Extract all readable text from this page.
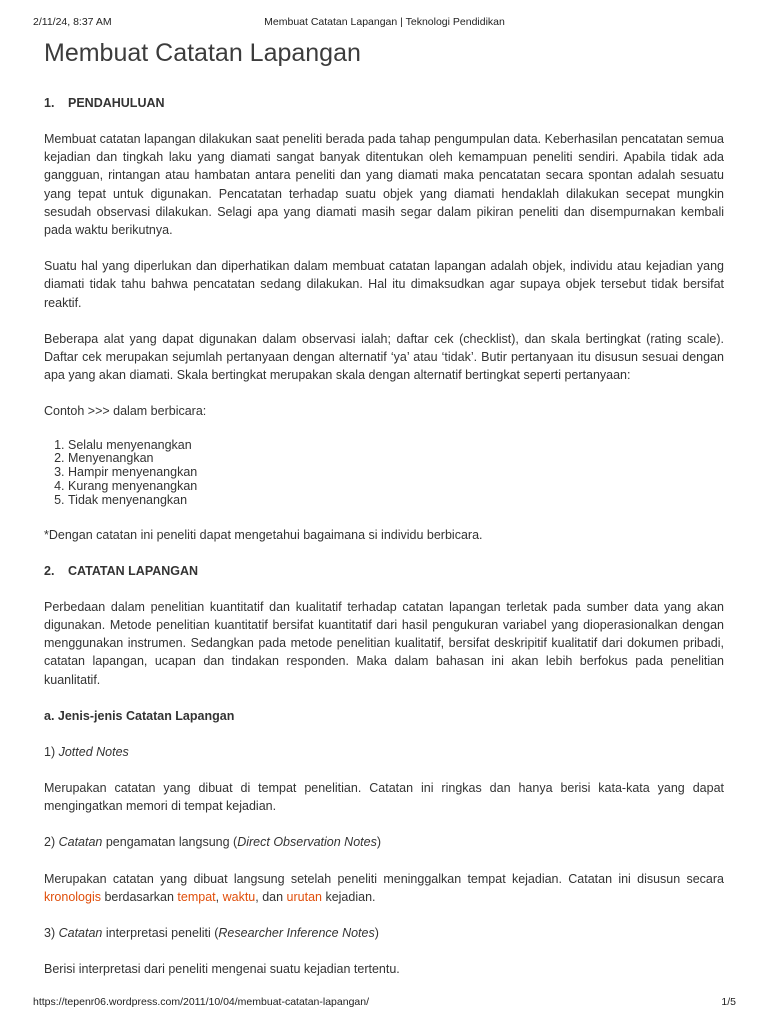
2/11/24, 8:37 AM	Membuat Catatan Lapangan | Teknologi Pendidikan
Membuat Catatan Lapangan
1. PENDAHULUAN

Membuat catatan lapangan dilakukan saat peneliti berada pada tahap pengumpulan data. Keberhasilan pencatatan semua kejadian dan tingkah laku yang diamati sangat banyak ditentukan oleh kemampuan peneliti sendiri. Apabila tidak ada gangguan, rintangan atau hambatan antara peneliti dan yang diamati maka pencatatan secara spontan adalah sesuatu yang tepat untuk digunakan. Pencatatan terhadap suatu objek yang diamati hendaklah dilakukan secepat mungkin sesudah observasi dilakukan. Selagi apa yang diamati masih segar dalam pikiran peneliti dan disempurnakan kembali pada waktu berikutnya.

Suatu hal yang diperlukan dan diperhatikan dalam membuat catatan lapangan adalah objek, individu atau kejadian yang diamati tidak tahu bahwa pencatatan sedang dilakukan. Hal itu dimaksudkan agar supaya objek tersebut tidak bersifat reaktif.

Beberapa alat yang dapat digunakan dalam observasi ialah; daftar cek (checklist), dan skala bertingkat (rating scale). Daftar cek merupakan sejumlah pertanyaan dengan alternatif ‘ya’ atau ‘tidak’. Butir pertanyaan itu disusun sesuai dengan apa yang akan diamati. Skala bertingkat merupakan skala dengan alternatif bertingkat seperti pertanyaan:

Contoh >>> dalam berbicara:

1. Selalu menyenangkan
2. Menyenangkan
3. Hampir menyenangkan
4. Kurang menyenangkan
5. Tidak menyenangkan

*Dengan catatan ini peneliti dapat mengetahui bagaimana si individu berbicara.

2. CATATAN LAPANGAN

Perbedaan dalam penelitian kuantitatif dan kualitatif terhadap catatan lapangan terletak pada sumber data yang akan digunakan. Metode penelitian kuantitatif bersifat kuantitatif dari hasil pengukuran variabel yang dioperasionalkan dengan menggunakan instrumen. Sedangkan pada metode penelitian kualitatif, bersifat deskripitif kualitatif dari dokumen pribadi, catatan lapangan, ucapan dan tindakan responden. Maka dalam bahasan ini akan lebih berfokus pada penelitian kuanlitatif.

a. Jenis-jenis Catatan Lapangan

1) Jotted Notes

Merupakan catatan yang dibuat di tempat penelitian. Catatan ini ringkas dan hanya berisi kata-kata yang dapat mengingatkan memori di tempat kejadian.

2) Catatan pengamatan langsung (Direct Observation Notes)

Merupakan catatan yang dibuat langsung setelah peneliti meninggalkan tempat kejadian. Catatan ini disusun secara kronologis berdasarkan tempat, waktu, dan urutan kejadian.

3) Catatan interpretasi peneliti (Researcher Inference Notes)

Berisi interpretasi dari peneliti mengenai suatu kejadian tertentu.

https://tepenr06.wordpress.com/2011/10/04/membuat-catatan-lapangan/	1/5
